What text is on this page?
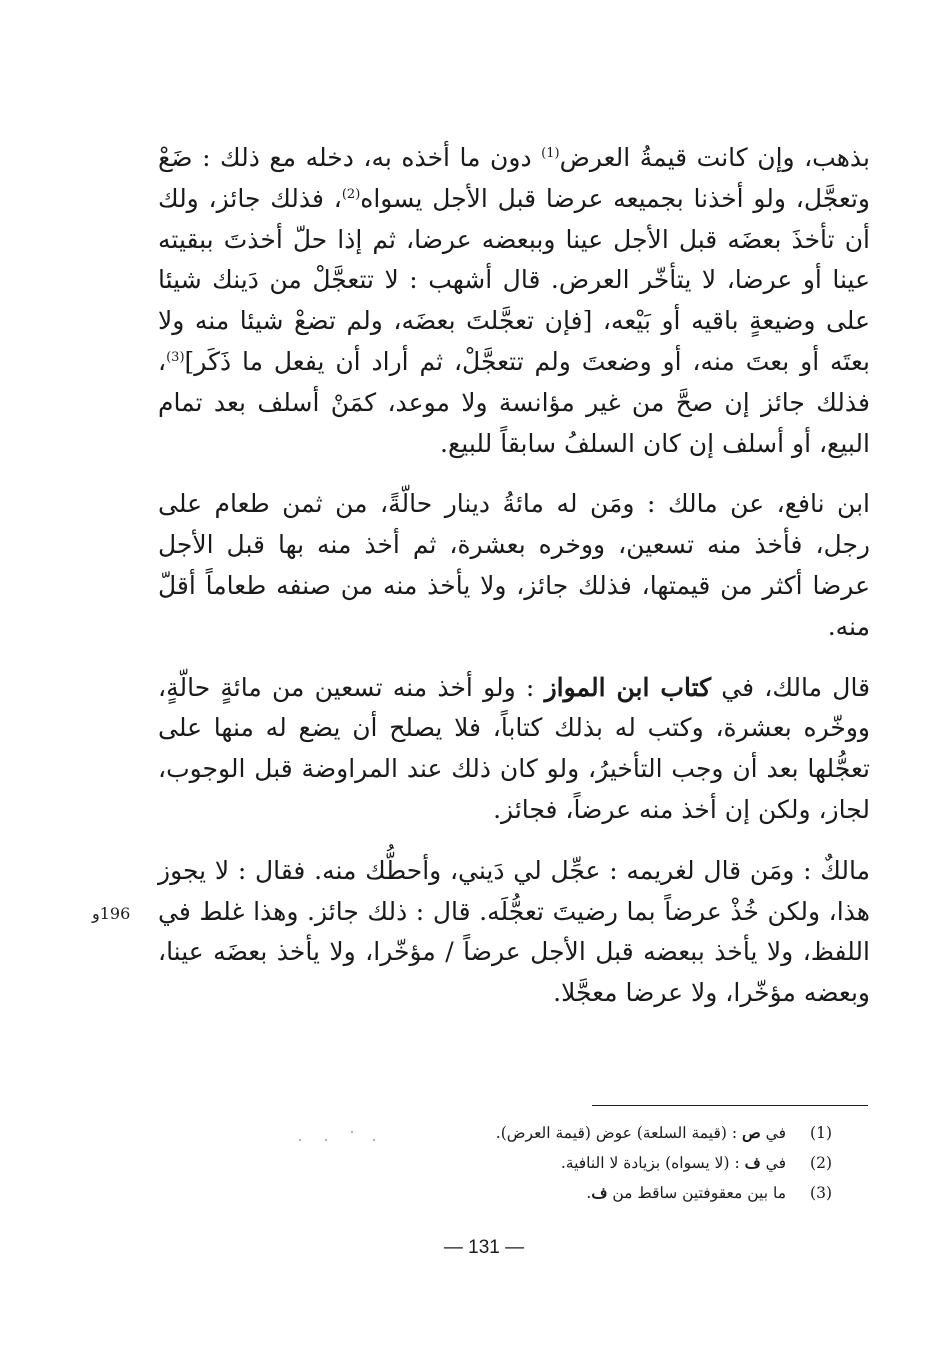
بذهب، وإن كانت قيمةُ العرض$^{(1)}$ دون ما أخذه به، دخله مع ذلك : ضَعْ وتعجَّل، ولو أخذنا بجميعه عرضا قبل الأجل يسواه$^{(2)}$، فذلك جائز، ولك أن تأخذَ بعضَه قبل الأجل عينا وببعضه عرضا، ثم إذا حلّ أخذتَ ببقيته عينا أو عرضا، لا يتأخّر العرض. قال أشهب : لا تتعجَّلْ من دَينك شيئا على وضيعةٍ باقيه أو بَيْعه، [فإن تعجَّلتَ بعضَه، ولم تضعْ شيئا منه ولا بعتَه أو بعتَ منه، أو وضعتَ ولم تتعجَّلْ، ثم أراد أن يفعل ما ذَكَر]$^{(3)}$، فذلك جائز إن صحَّ من غير مؤانسة ولا موعد، كمَنْ أسلف بعد تمام البيع، أو أسلف إن كان السلفُ سابقاً للبيع.

ابن نافع، عن مالك : ومَن له مائةُ دينار حالّةً، من ثمن طعام على رجل، فأخذ منه تسعين، ووخره بعشرة، ثم أخذ منه بها قبل الأجل عرضا أكثر من قيمتها، فذلك جائز، ولا يأخذ منه من صنفه طعاماً أقلّ منه.

قال مالك، في كتاب ابن المواز : ولو أخذ منه تسعين من مائةٍ حالّةٍ، ووخّره بعشرة، وكتب له بذلك كتاباً، فلا يصلح أن يضع له منها على تعجُّلها بعد أن وجب التأخيرُ، ولو كان ذلك عند المراوضة قبل الوجوب، لجاز، ولكن إن أخذ منه عرضاً، فجائز.

مالكٌ : ومَن قال لغريمه : عجِّل لي دَيني، وأحطُّك منه. فقال : لا يجوز هذا، ولكن خُذْ عرضاً بما رضيتَ تعجُّلَه. قال : ذلك جائز. وهذا غلط في اللفظ، ولا يأخذ ببعضه قبل الأجل عرضاً / مؤخّرا، ولا يأخذ بعضَه عينا، وبعضه مؤخّرا، ولا عرضا معجَّلا.

196و
(1)
في ص : (قيمة السلعة) عوض (قيمة العرض).
(2)
في ف : (لا يسواه) بزيادة لا النافية.
(3)
ما بين معقوفتين ساقط من ف.
— 131 —
